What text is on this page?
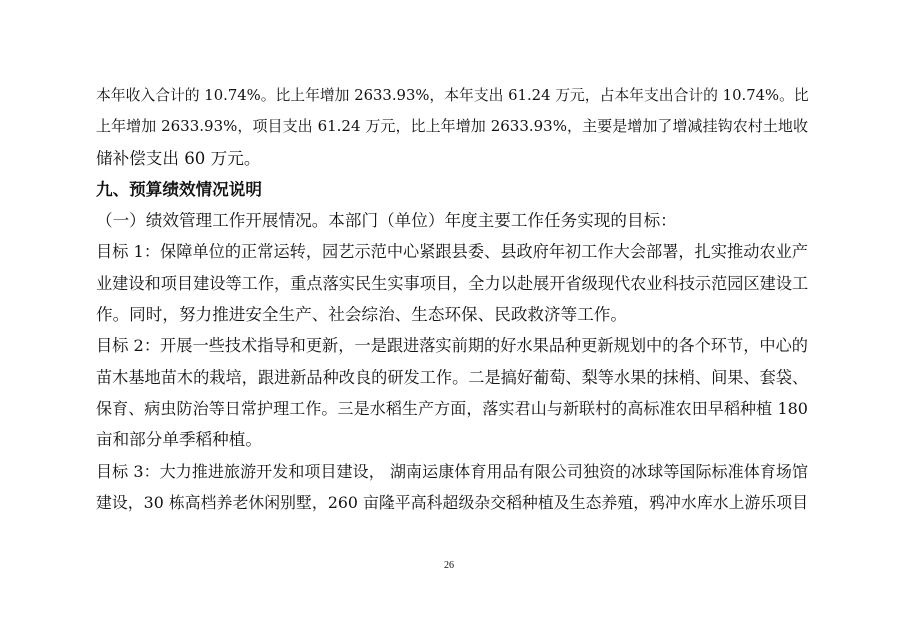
本年收入合计的 10.74%。比上年增加 2633.93%，本年支出 61.24 万元，占本年支出合计的 10.74%。比
上年增加 2633.93%，项目支出 61.24 万元，比上年增加 2633.93%，主要是增加了增减挂钩农村土地收
储补偿支出 60 万元。
九、预算绩效情况说明
（一）绩效管理工作开展情况。本部门（单位）年度主要工作任务实现的目标：
目标 1：保障单位的正常运转，园艺示范中心紧跟县委、县政府年初工作大会部署，扎实推动农业产
业建设和项目建设等工作，重点落实民生实事项目，全力以赴展开省级现代农业科技示范园区建设工
作。同时，努力推进安全生产、社会综治、生态环保、民政救济等工作。
目标 2：开展一些技术指导和更新，一是跟进落实前期的好水果品种更新规划中的各个环节，中心的
苗木基地苗木的栽培，跟进新品种改良的研发工作。二是搞好葡萄、梨等水果的抹梢、间果、套袋、
保育、病虫防治等日常护理工作。三是水稻生产方面，落实君山与新联村的高标准农田早稻种植 180
亩和部分单季稻种植。
目标 3：大力推进旅游开发和项目建设， 湖南运康体育用品有限公司独资的冰球等国际标准体育场馆
建设，30 栋高档养老休闲别墅，260 亩隆平高科超级杂交稻种植及生态养殖，鸦冲水库水上游乐项目
26
